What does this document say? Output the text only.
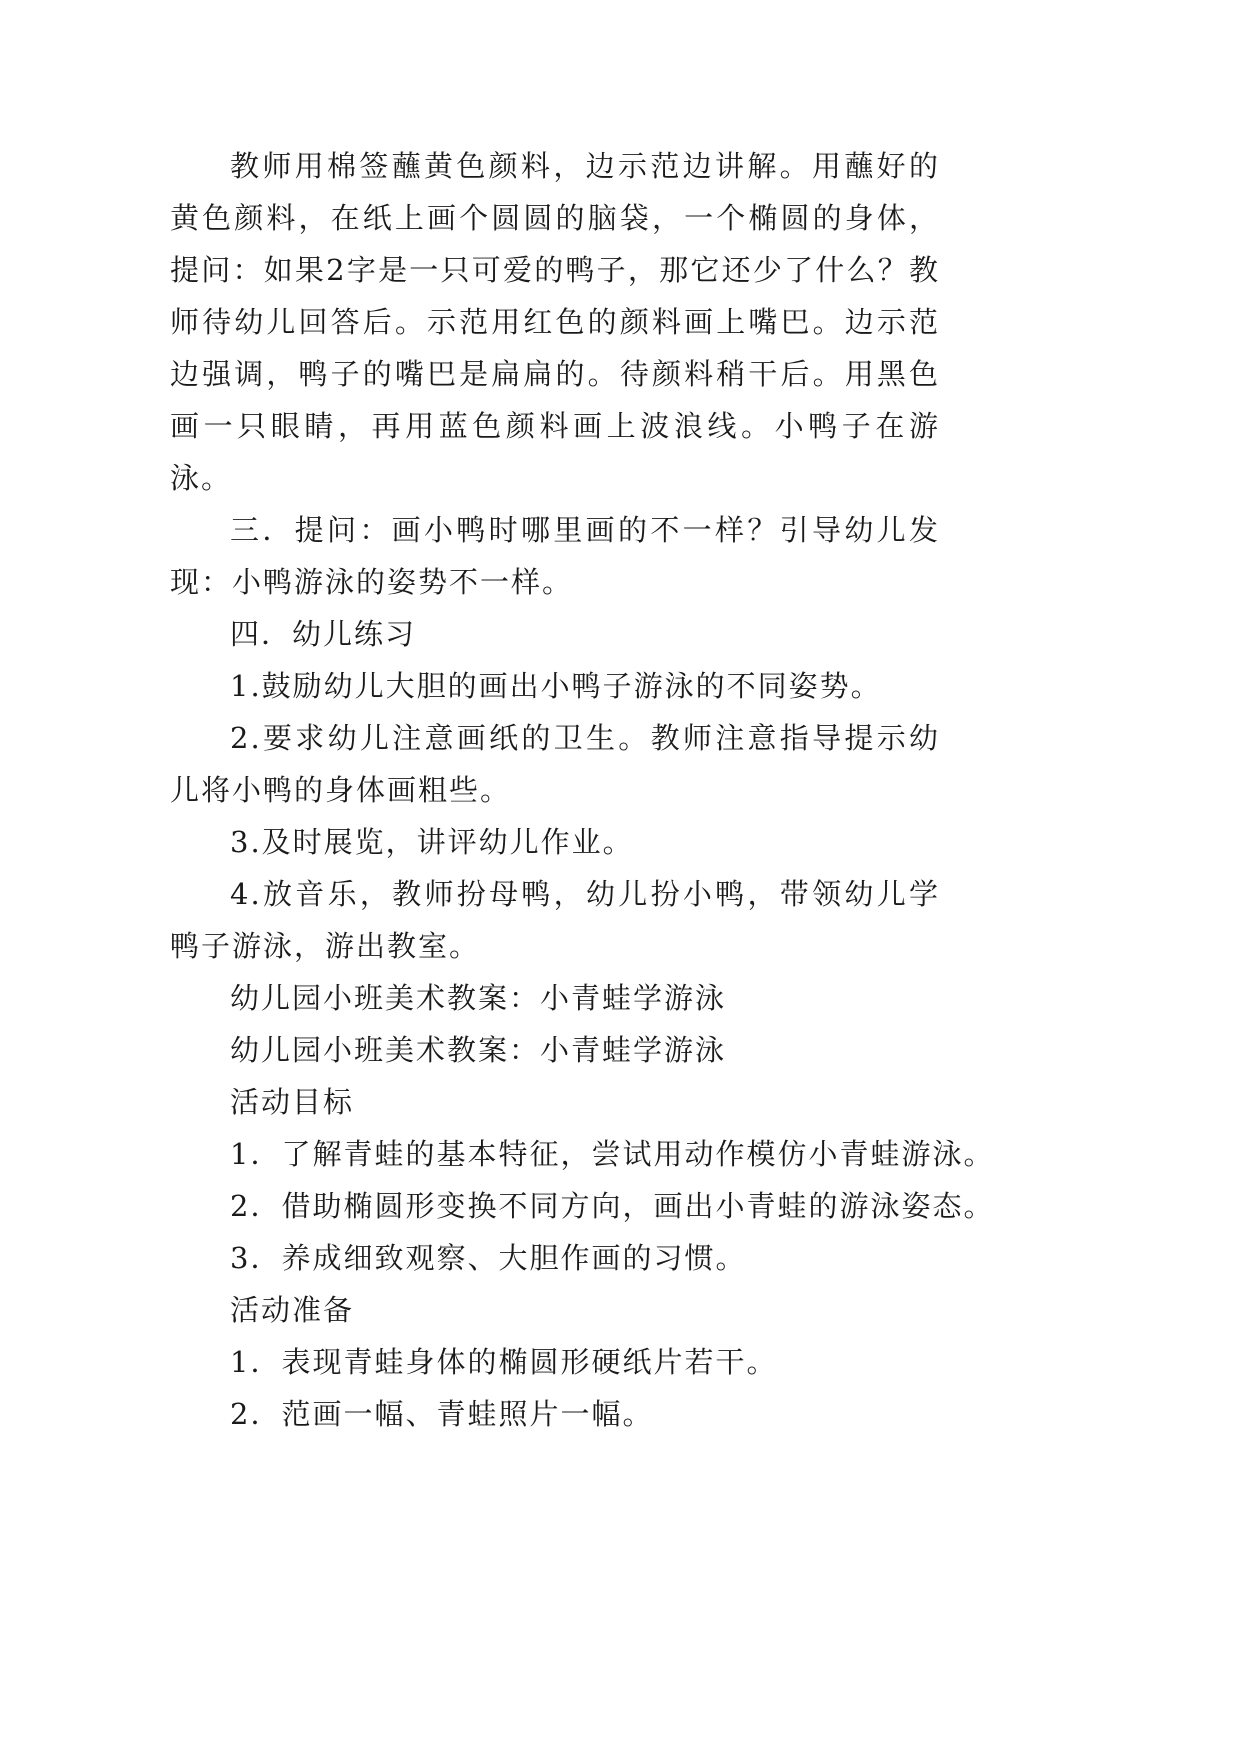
教师用棉签蘸黄色颜料，边示范边讲解。用蘸好的黄色颜料，在纸上画个圆圆的脑袋，一个椭圆的身体，提问：如果2字是一只可爱的鸭子，那它还少了什么？教师待幼儿回答后。示范用红色的颜料画上嘴巴。边示范边强调，鸭子的嘴巴是扁扁的。待颜料稍干后。用黑色画一只眼睛，再用蓝色颜料画上波浪线。小鸭子在游泳。

三．提问：画小鸭时哪里画的不一样？引导幼儿发现：小鸭游泳的姿势不一样。

四．幼儿练习

1.鼓励幼儿大胆的画出小鸭子游泳的不同姿势。

2.要求幼儿注意画纸的卫生。教师注意指导提示幼儿将小鸭的身体画粗些。

3.及时展览，讲评幼儿作业。

4.放音乐，教师扮母鸭，幼儿扮小鸭，带领幼儿学鸭子游泳，游出教室。

幼儿园小班美术教案：小青蛙学游泳

幼儿园小班美术教案：小青蛙学游泳

活动目标

1．了解青蛙的基本特征，尝试用动作模仿小青蛙游泳。

2．借助椭圆形变换不同方向，画出小青蛙的游泳姿态。

3．养成细致观察、大胆作画的习惯。

活动准备

1．表现青蛙身体的椭圆形硬纸片若干。

2．范画一幅、青蛙照片一幅。
